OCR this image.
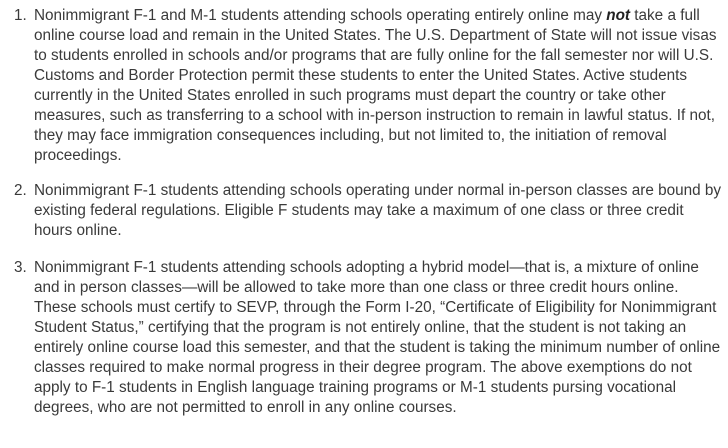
1. Nonimmigrant F-1 and M-1 students attending schools operating entirely online may not take a full online course load and remain in the United States. The U.S. Department of State will not issue visas to students enrolled in schools and/or programs that are fully online for the fall semester nor will U.S. Customs and Border Protection permit these students to enter the United States. Active students currently in the United States enrolled in such programs must depart the country or take other measures, such as transferring to a school with in-person instruction to remain in lawful status. If not, they may face immigration consequences including, but not limited to, the initiation of removal proceedings.
2. Nonimmigrant F-1 students attending schools operating under normal in-person classes are bound by existing federal regulations. Eligible F students may take a maximum of one class or three credit hours online.
3. Nonimmigrant F-1 students attending schools adopting a hybrid model—that is, a mixture of online and in person classes—will be allowed to take more than one class or three credit hours online. These schools must certify to SEVP, through the Form I-20, “Certificate of Eligibility for Nonimmigrant Student Status,” certifying that the program is not entirely online, that the student is not taking an entirely online course load this semester, and that the student is taking the minimum number of online classes required to make normal progress in their degree program. The above exemptions do not apply to F-1 students in English language training programs or M-1 students pursing vocational degrees, who are not permitted to enroll in any online courses.
